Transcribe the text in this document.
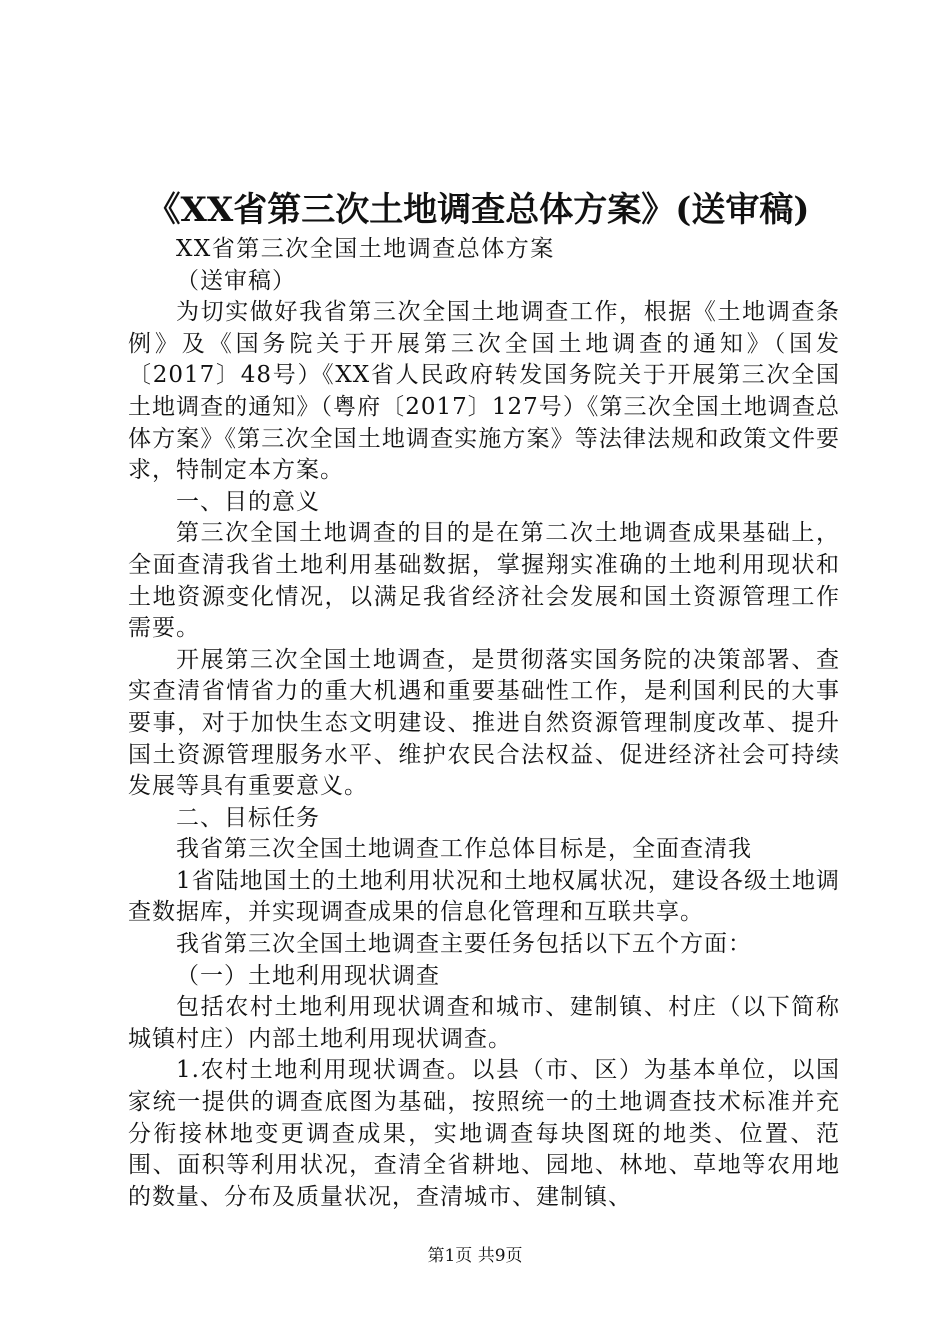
《XX省第三次土地调查总体方案》(送审稿)

XX省第三次全国土地调查总体方案

（送审稿）

为切实做好我省第三次全国土地调查工作，根据《土地调查条例》及《国务院关于开展第三次全国土地调查的通知》（国发〔2017〕48号）《XX省人民政府转发国务院关于开展第三次全国土地调查的通知》（粤府〔2017〕127号）《第三次全国土地调查总体方案》《第三次全国土地调查实施方案》等法律法规和政策文件要求，特制定本方案。

一、目的意义

第三次全国土地调查的目的是在第二次土地调查成果基础上，全面查清我省土地利用基础数据，掌握翔实准确的土地利用现状和土地资源变化情况，以满足我省经济社会发展和国土资源管理工作需要。

开展第三次全国土地调查，是贯彻落实国务院的决策部署、查实查清省情省力的重大机遇和重要基础性工作，是利国利民的大事要事，对于加快生态文明建设、推进自然资源管理制度改革、提升国土资源管理服务水平、维护农民合法权益、促进经济社会可持续发展等具有重要意义。

二、目标任务

我省第三次全国土地调查工作总体目标是，全面查清我

1省陆地国土的土地利用状况和土地权属状况，建设各级土地调查数据库，并实现调查成果的信息化管理和互联共享。

我省第三次全国土地调查主要任务包括以下五个方面：

（一）土地利用现状调查

包括农村土地利用现状调查和城市、建制镇、村庄（以下简称城镇村庄）内部土地利用现状调查。

1.农村土地利用现状调查。以县（市、区）为基本单位，以国家统一提供的调查底图为基础，按照统一的土地调查技术标准并充分衔接林地变更调查成果，实地调查每块图斑的地类、位置、范围、面积等利用状况，查清全省耕地、园地、林地、草地等农用地的数量、分布及质量状况，查清城市、建制镇、

第1页 共9页
